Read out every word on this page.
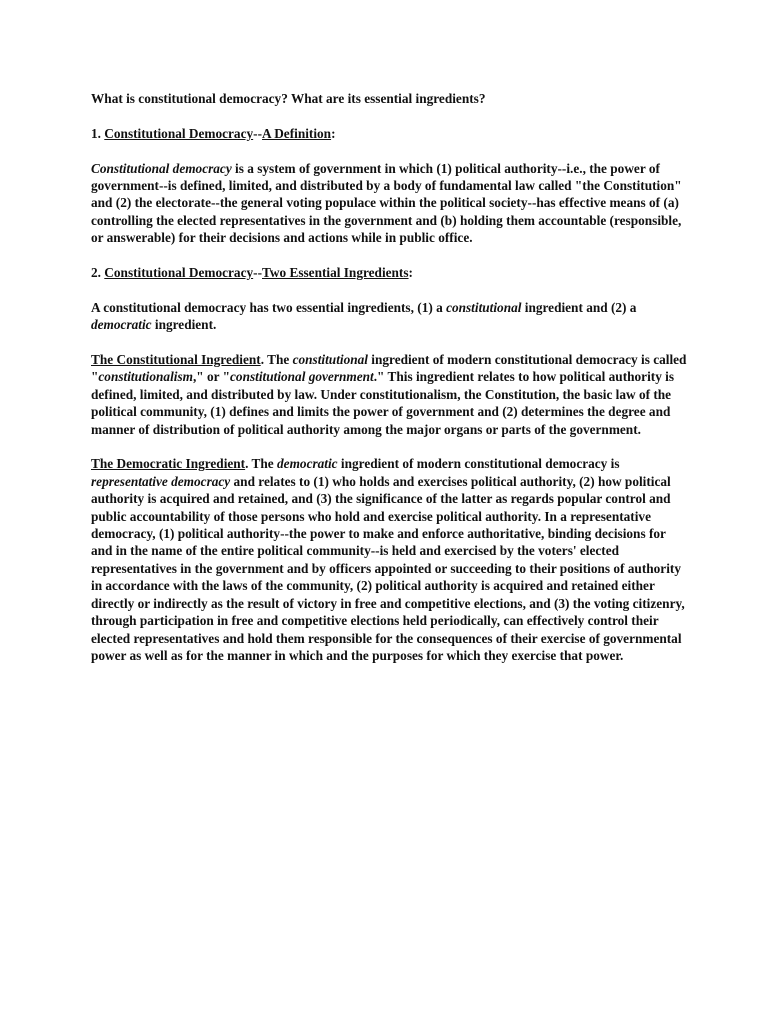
What is constitutional democracy? What are its essential ingredients?

1. Constitutional Democracy--A Definition:

Constitutional democracy is a system of government in which (1) political authority--i.e., the power of government--is defined, limited, and distributed by a body of fundamental law called "the Constitution" and (2) the electorate--the general voting populace within the political society--has effective means of (a) controlling the elected representatives in the government and (b) holding them accountable (responsible, or answerable) for their decisions and actions while in public office.

2. Constitutional Democracy--Two Essential Ingredients:

A constitutional democracy has two essential ingredients, (1) a constitutional ingredient and (2) a democratic ingredient.

The Constitutional Ingredient. The constitutional ingredient of modern constitutional democracy is called "constitutionalism," or "constitutional government." This ingredient relates to how political authority is defined, limited, and distributed by law. Under constitutionalism, the Constitution, the basic law of the political community, (1) defines and limits the power of government and (2) determines the degree and manner of distribution of political authority among the major organs or parts of the government.

The Democratic Ingredient. The democratic ingredient of modern constitutional democracy is representative democracy and relates to (1) who holds and exercises political authority, (2) how political authority is acquired and retained, and (3) the significance of the latter as regards popular control and public accountability of those persons who hold and exercise political authority. In a representative democracy, (1) political authority--the power to make and enforce authoritative, binding decisions for and in the name of the entire political community--is held and exercised by the voters' elected representatives in the government and by officers appointed or succeeding to their positions of authority in accordance with the laws of the community, (2) political authority is acquired and retained either directly or indirectly as the result of victory in free and competitive elections, and (3) the voting citizenry, through participation in free and competitive elections held periodically, can effectively control their elected representatives and hold them responsible for the consequences of their exercise of governmental power as well as for the manner in which and the purposes for which they exercise that power.
